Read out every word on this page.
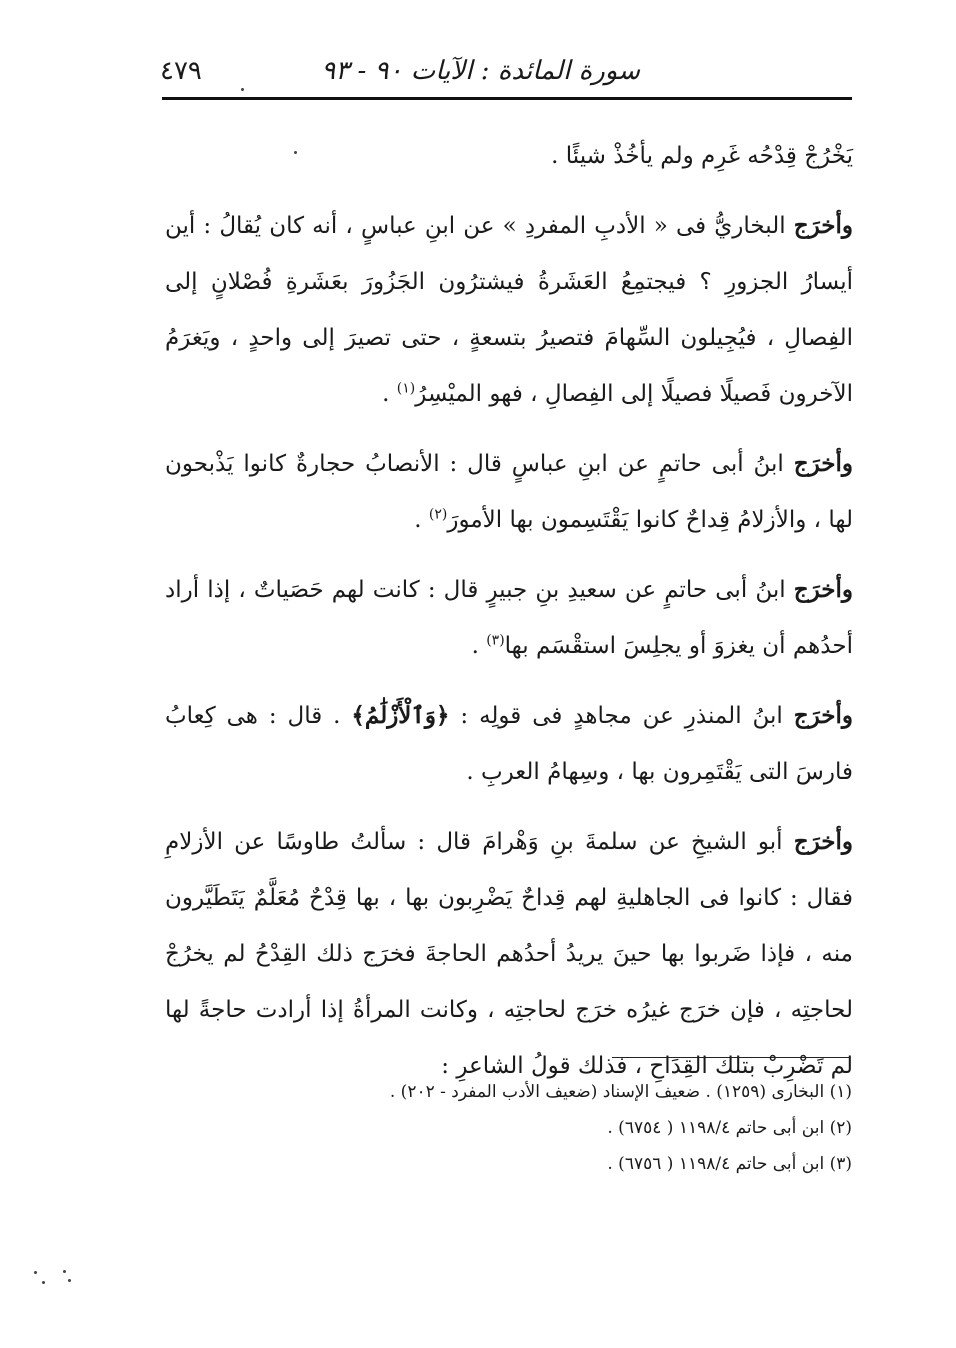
سورة المائدة : الآيات ٩٠ - ٩٣
٤٧٩

يَخْرُجْ قِدْحُه غَرِم ولم يأخُذْ شيئًا .

وأخرَج البخاريُّ فى « الأدبِ المفردِ » عن ابنِ عباسٍ ، أنه كان يُقالُ : أين أيسارُ الجزورِ ؟ فيجتمِعُ العَشَرةُ فيشترُون الجَزُورَ بعَشَرةِ فُصْلانٍ إلى الفِصالِ ، فيُجِيلون السِّهامَ فتصيرُ بتسعةٍ ، حتى تصيرَ إلى واحدٍ ، ويَغرَمُ الآخرون فَصيلًا فصيلًا إلى الفِصالِ ، فهو الميْسِرُ$^{(١)}$ .

وأخرَج ابنُ أبى حاتمٍ عن ابنِ عباسٍ قال : الأنصابُ حجارةٌ كانوا يَذْبحون لها ، والأزلامُ قِداحٌ كانوا يَقْتَسِمون بها الأمورَ$^{(٢)}$ .

وأخرَج ابنُ أبى حاتمٍ عن سعيدِ بنِ جبيرٍ قال : كانت لهم حَصَياتٌ ، إذا أراد أحدُهم أن يغزوَ أو يجلِسَ استقْسَم بها$^{(٣)}$ .

وأخرَج ابنُ المنذرِ عن مجاهدٍ فى قولِه : ﴿وَٱلْأَزْلَٰمُ﴾ . قال : هى كِعابُ فارسَ التى يَقْتَمِرون بها ، وسِهامُ العربِ .

وأخرَج أبو الشيخِ عن سلمةَ بنِ وَهْرامَ قال : سألتُ طاوسًا عن الأزلامِ فقال : كانوا فى الجاهليةِ لهم قِداحٌ يَضْرِبون بها ، بها قِدْحٌ مُعَلَّمٌ يَتَطَيَّرون منه ، فإذا ضَربوا بها حينَ يريدُ أحدُهم الحاجةَ فخرَج ذلك القِدْحُ لم يخرُجْ لحاجتِه ، فإن خرَج غيرُه خرَج لحاجتِه ، وكانت المرأةُ إذا أرادت حاجةً لها لم تَضْرِبْ بتلك القِدَاحِ ، فذلك قولُ الشاعرِ :

(١) البخارى (١٢٥٩) . ضعيف الإسناد (ضعيف الأدب المفرد - ٢٠٢) .
(٢) ابن أبى حاتم ١١٩٨/٤ ( ٦٧٥٤) .
(٣) ابن أبى حاتم ١١٩٨/٤ ( ٦٧٥٦) .
